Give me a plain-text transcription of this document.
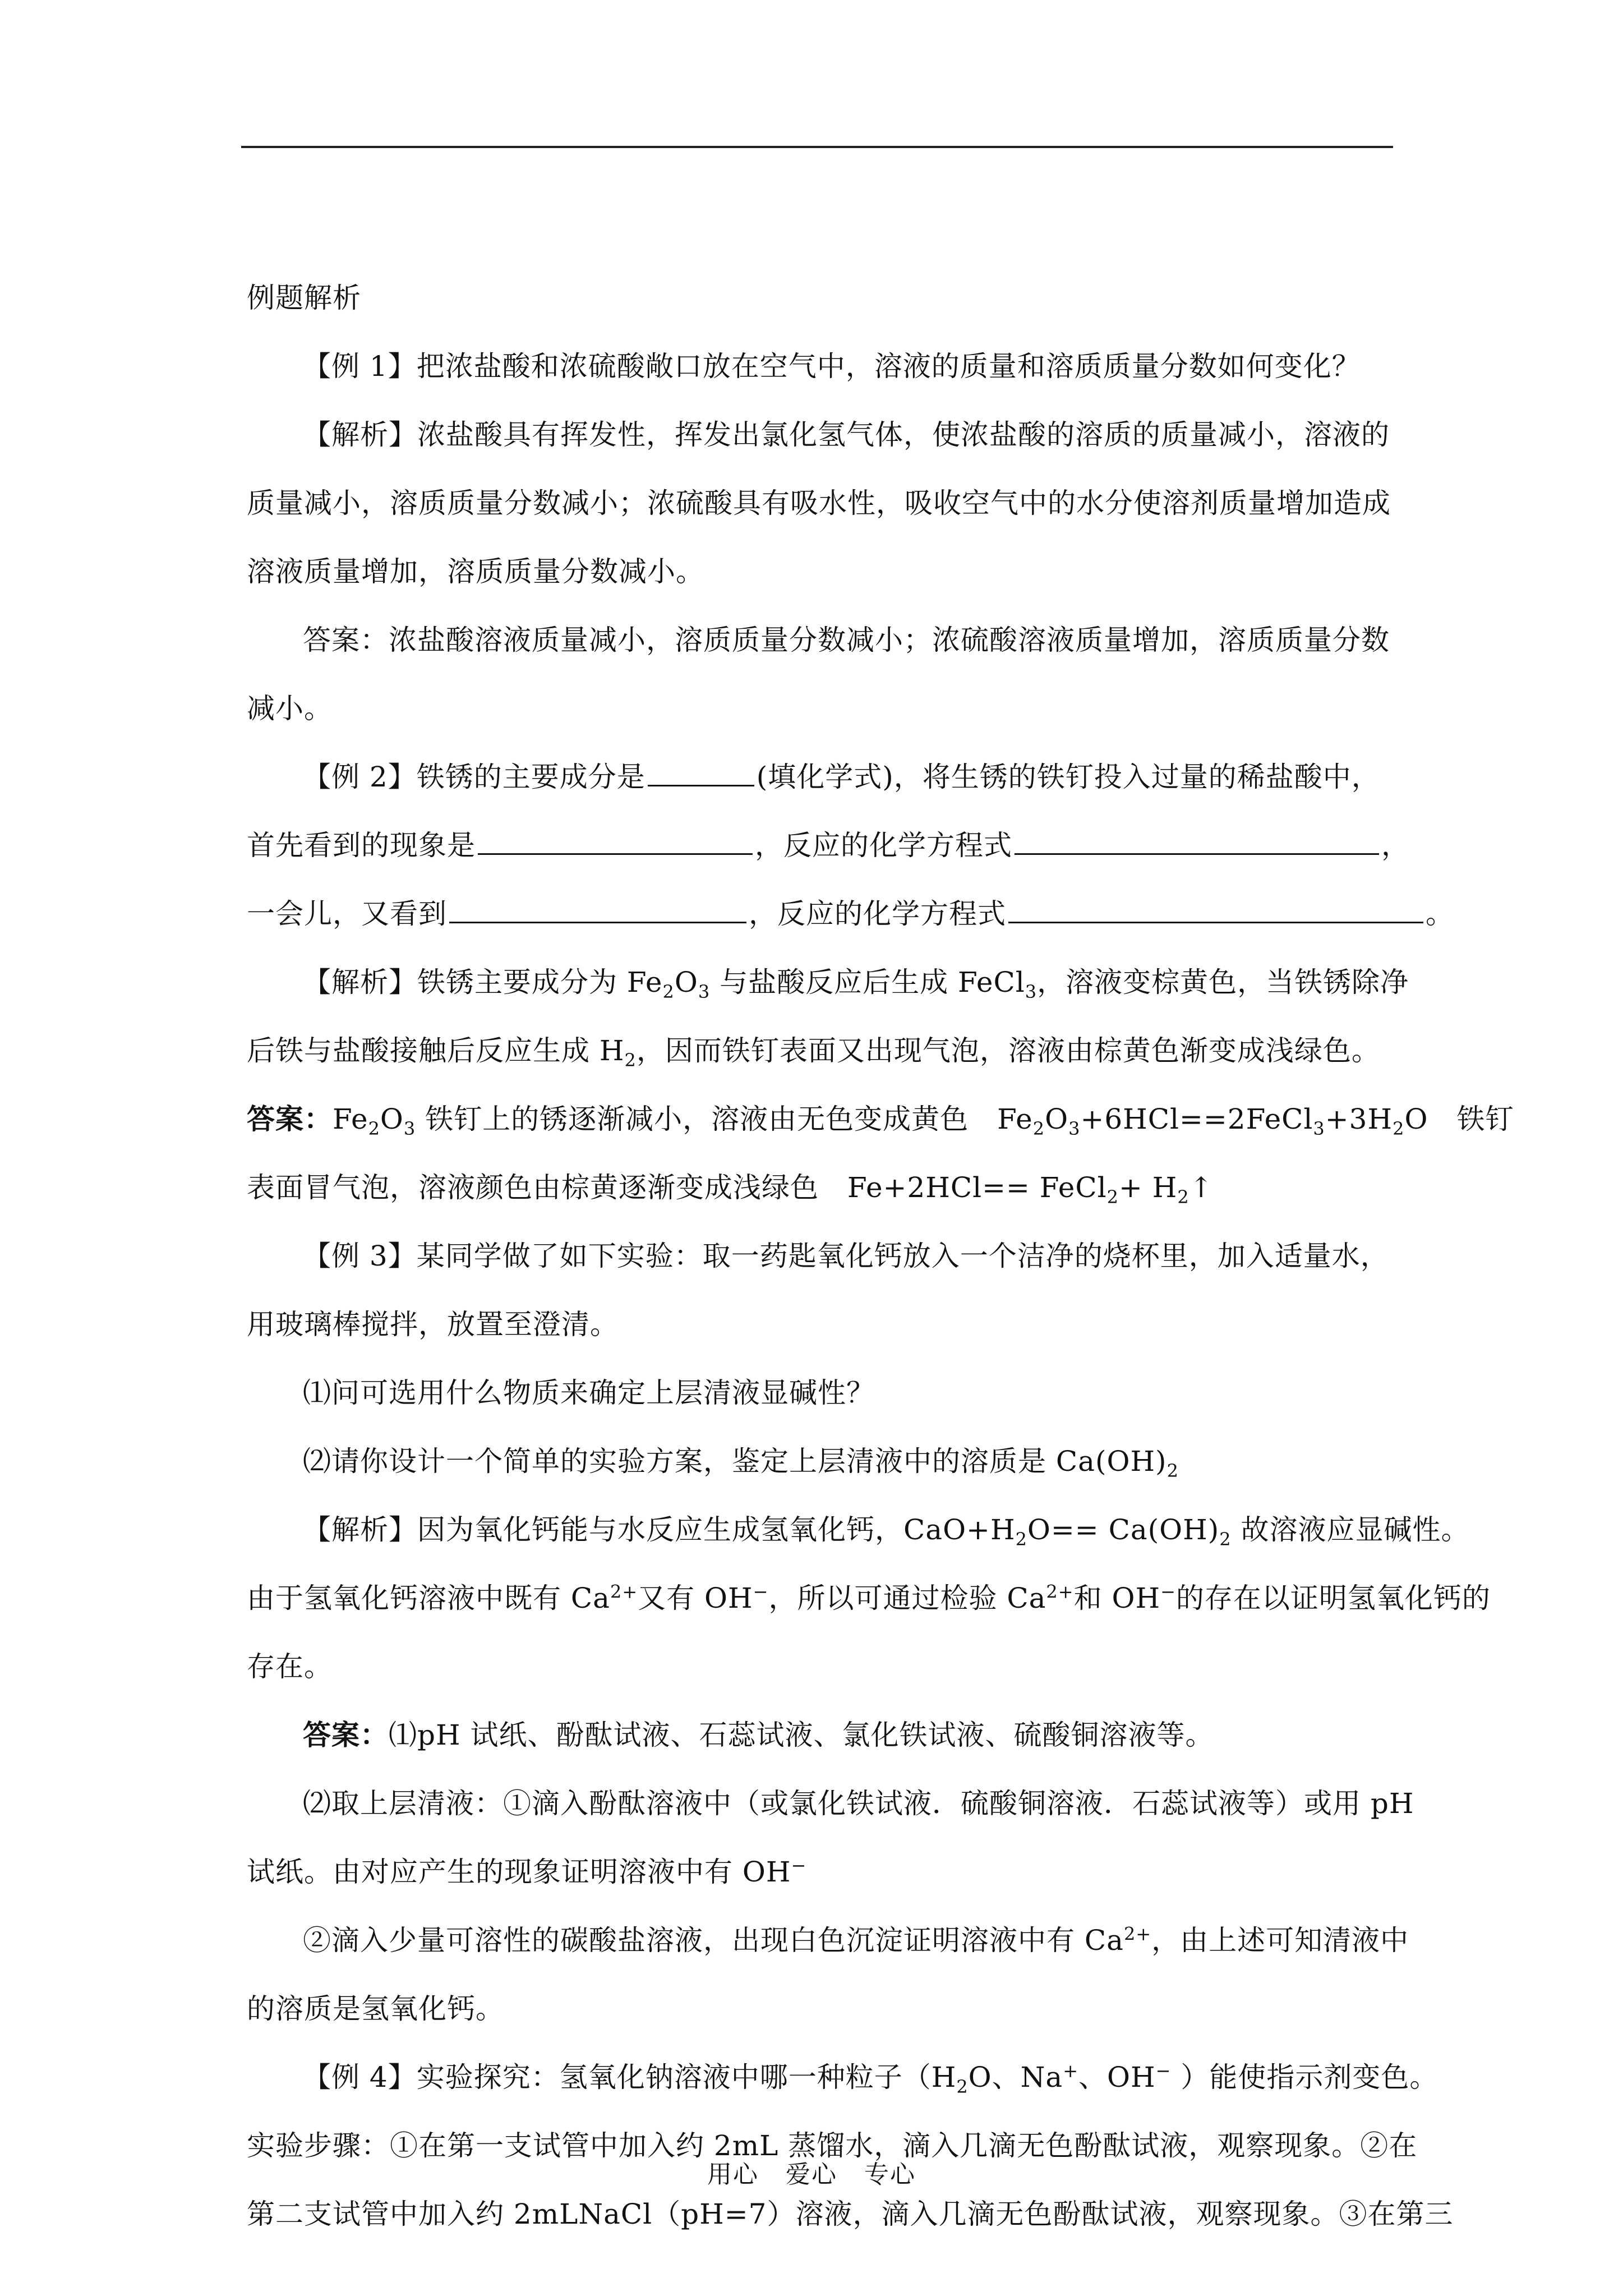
例题解析
【例 1】把浓盐酸和浓硫酸敞口放在空气中，溶液的质量和溶质质量分数如何变化？
【解析】浓盐酸具有挥发性，挥发出氯化氢气体，使浓盐酸的溶质的质量减小，溶液的
质量减小，溶质质量分数减小；浓硫酸具有吸水性，吸收空气中的水分使溶剂质量增加造成
溶液质量增加，溶质质量分数减小。
答案：浓盐酸溶液质量减小，溶质质量分数减小；浓硫酸溶液质量增加，溶质质量分数
减小。
【例 2】铁锈的主要成分是	(填化学式)，将生锈的铁钉投入过量的稀盐酸中，
首先看到的现象是	，反应的化学方程式	，
一会儿，又看到	，反应的化学方程式	。
【解析】铁锈主要成分为 $Fe_2O_3$ 与盐酸反应后生成 FeCl$_3$，溶液变棕黄色，当铁锈除净
后铁与盐酸接触后反应生成 $H_2$，因而铁钉表面又出现气泡，溶液由棕黄色渐变成浅绿色。
答案：$Fe_2O_3$ 铁钉上的锈逐渐减小，溶液由无色变成黄色　$Fe_2O_3+6HCl==2FeCl_3+3H_2O$　铁钉
表面冒气泡，溶液颜色由棕黄逐渐变成浅绿色　Fe+2HCl== FeCl$_2$+ $H_2↑$
【例 3】某同学做了如下实验：取一药匙氧化钙放入一个洁净的烧杯里，加入适量水，
用玻璃棒搅拌，放置至澄清。
⑴问可选用什么物质来确定上层清液显碱性？
⑵请你设计一个简单的实验方案，鉴定上层清液中的溶质是 $Ca(OH)_2$
【解析】因为氧化钙能与水反应生成氢氧化钙，$CaO+H_2O== Ca(OH)_2$ 故溶液应显碱性。
由于氢氧化钙溶液中既有 $Ca^{2+}$又有 OH−，所以可通过检验 $Ca^{2+}$和 OH−的存在以证明氢氧化钙的
存在。
答案：⑴pH 试纸、酚酞试液、石蕊试液、氯化铁试液、硫酸铜溶液等。
⑵取上层清液：①滴入酚酞溶液中（或氯化铁试液．硫酸铜溶液．石蕊试液等）或用 pH
试纸。由对应产生的现象证明溶液中有 OH−
②滴入少量可溶性的碳酸盐溶液，出现白色沉淀证明溶液中有 $Ca^{2+}$，由上述可知清液中
的溶质是氢氧化钙。
【例 4】实验探究：氢氧化钠溶液中哪一种粒子（$H_2O$、Na+、OH− ）能使指示剂变色。
实验步骤：①在第一支试管中加入约 2mL 蒸馏水，滴入几滴无色酚酞试液，观察现象。②在
第二支试管中加入约 2mLNaCl（pH=7）溶液，滴入几滴无色酚酞试液，观察现象。③在第三
用心 爱心 专心
